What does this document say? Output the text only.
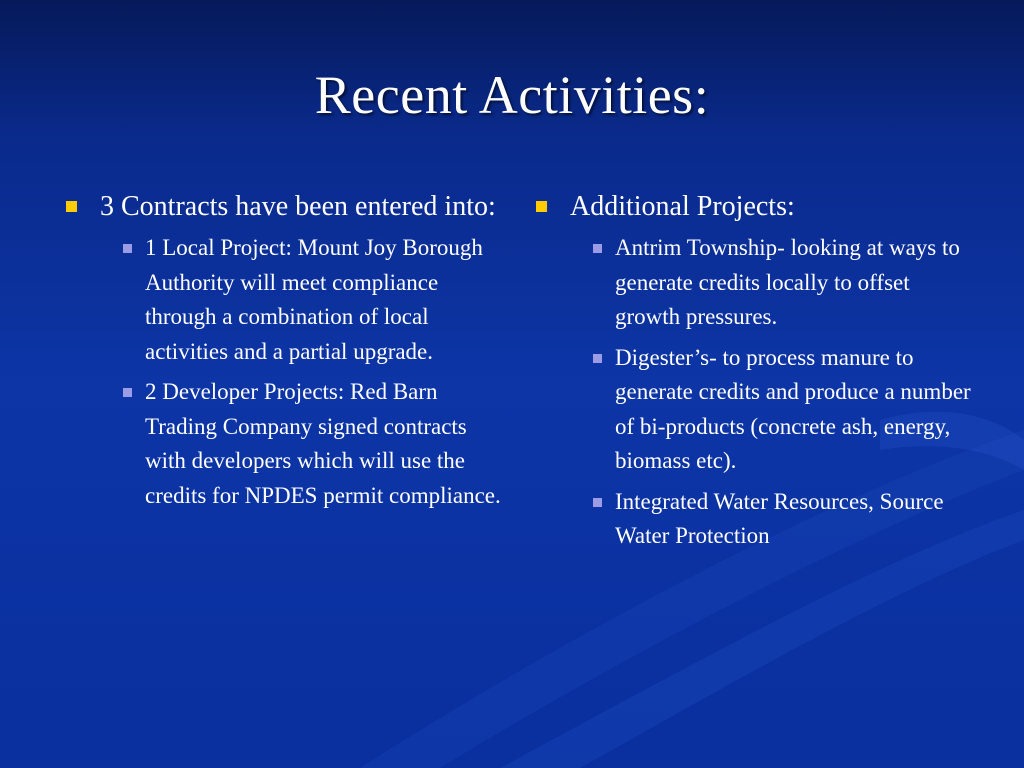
Recent Activities:
3 Contracts have been entered into:
1 Local Project: Mount Joy Borough Authority will meet compliance through a combination of local activities and a partial upgrade.
2 Developer Projects: Red Barn Trading Company signed contracts with developers which will use the credits for NPDES permit compliance.
Additional Projects:
Antrim Township- looking at ways to generate credits locally to offset growth pressures.
Digester’s- to process manure to generate credits and produce a number of bi-products (concrete ash, energy, biomass etc).
Integrated Water Resources, Source Water Protection
